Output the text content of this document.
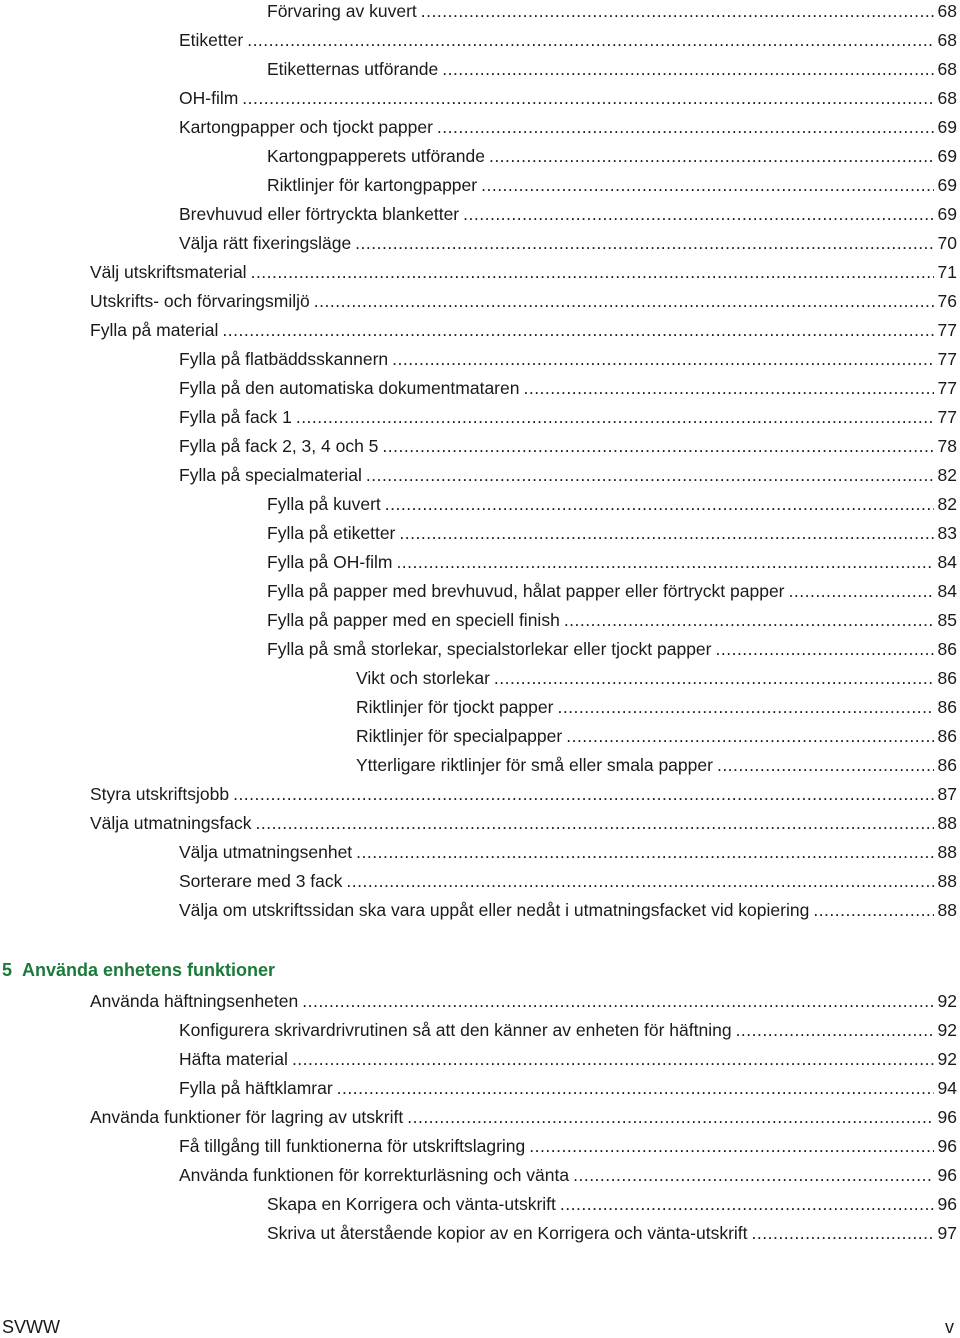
Förvaring av kuvert .....	68
Etiketter .....	68
Etiketternas utförande .....	68
OH-film .....	68
Kartongpapper och tjockt papper .....	69
Kartongpapperets utförande .....	69
Riktlinjer för kartongpapper .....	69
Brevhuvud eller förtryckta blanketter .....	69
Välja rätt fixeringsläge .....	70
Välj utskriftsmaterial .....	71
Utskrifts- och förvaringsmiljö .....	76
Fylla på material .....	77
Fylla på flatbäddsskannern .....	77
Fylla på den automatiska dokumentmataren .....	77
Fylla på fack 1 .....	77
Fylla på fack 2, 3, 4 och 5 .....	78
Fylla på specialmaterial .....	82
Fylla på kuvert .....	82
Fylla på etiketter .....	83
Fylla på OH-film .....	84
Fylla på papper med brevhuvud, hålat papper eller förtryckt papper .....	84
Fylla på papper med en speciell finish .....	85
Fylla på små storlekar, specialstorlekar eller tjockt papper .....	86
Vikt och storlekar .....	86
Riktlinjer för tjockt papper .....	86
Riktlinjer för specialpapper .....	86
Ytterligare riktlinjer för små eller smala papper .....	86
Styra utskriftsjobb .....	87
Välja utmatningsfack .....	88
Välja utmatningsenhet .....	88
Sorterare med 3 fack .....	88
Välja om utskriftssidan ska vara uppåt eller nedåt i utmatningsfacket vid kopiering .....	88
5 Använda enhetens funktioner
Använda häftningsenheten .....	92
Konfigurera skrivardrivrutinen så att den känner av enheten för häftning .....	92
Häfta material .....	92
Fylla på häftklamrar .....	94
Använda funktioner för lagring av utskrift .....	96
Få tillgång till funktionerna för utskriftslagring .....	96
Använda funktionen för korrekturläsning och vänta .....	96
Skapa en Korrigera och vänta-utskrift .....	96
Skriva ut återstående kopior av en Korrigera och vänta-utskrift .....	97
SVWW	v
